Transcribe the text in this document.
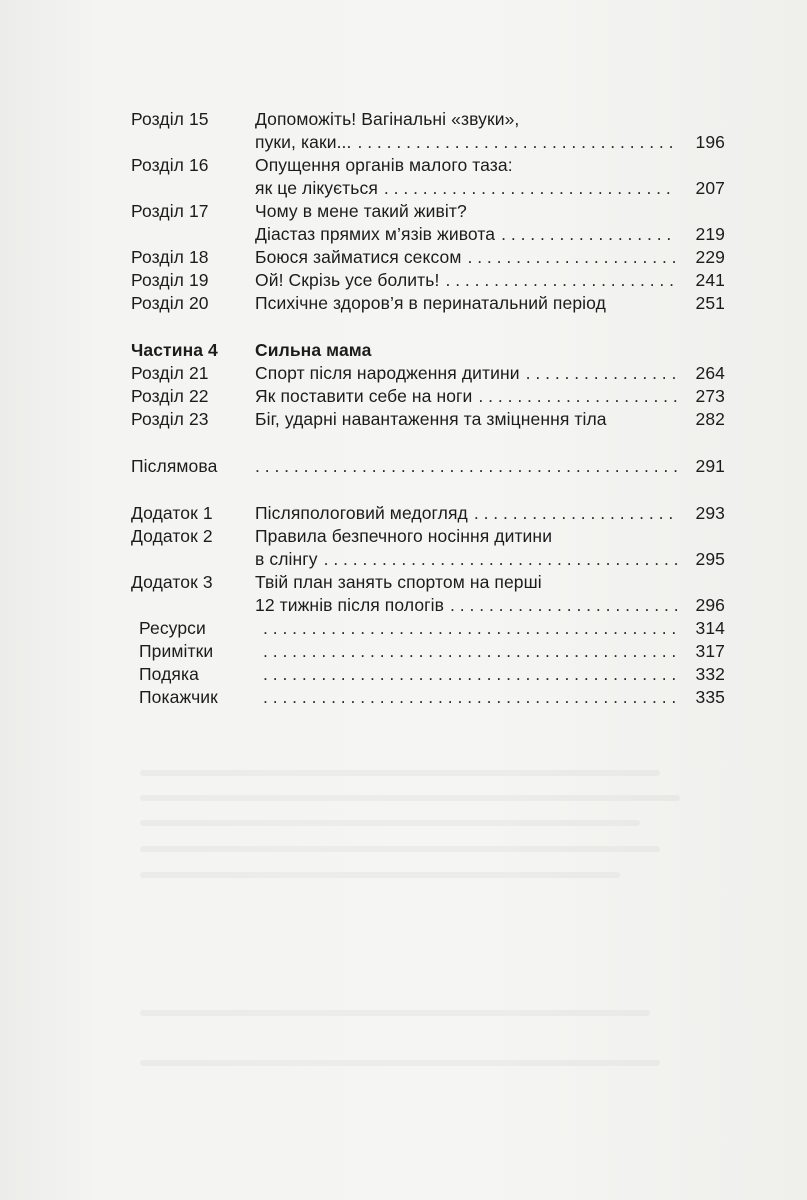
Розділ 15	Допоможіть! Вагінальні «звуки»,
пуки, каки... . . .	196
Розділ 16	Опущення органів малого таза:
як це лікується . . .	207
Розділ 17	Чому в мене такий живіт?
Діастаз прямих м’язів живота . . .	219
Розділ 18	Боюся займатися сексом . . .	229
Розділ 19	Ой! Скрізь усе болить! . . .	241
Розділ 20	Психічне здоров’я в перинатальний період	251
Частина 4	Сильна мама
Розділ 21	Спорт після народження дитини . . .	264
Розділ 22	Як поставити себе на ноги . . .	273
Розділ 23	Біг, ударні навантаження та зміцнення тіла	282
Післямова . . .	291
Додаток 1	Післяпологовий медогляд . . .	293
Додаток 2	Правила безпечного носіння дитини
в слінгу . . .	295
Додаток 3	Твій план занять спортом на перші
12 тижнів після пологів . . .	296
Ресурси . . .	314
Примітки . . .	317
Подяка . . .	332
Покажчик . . .	335
